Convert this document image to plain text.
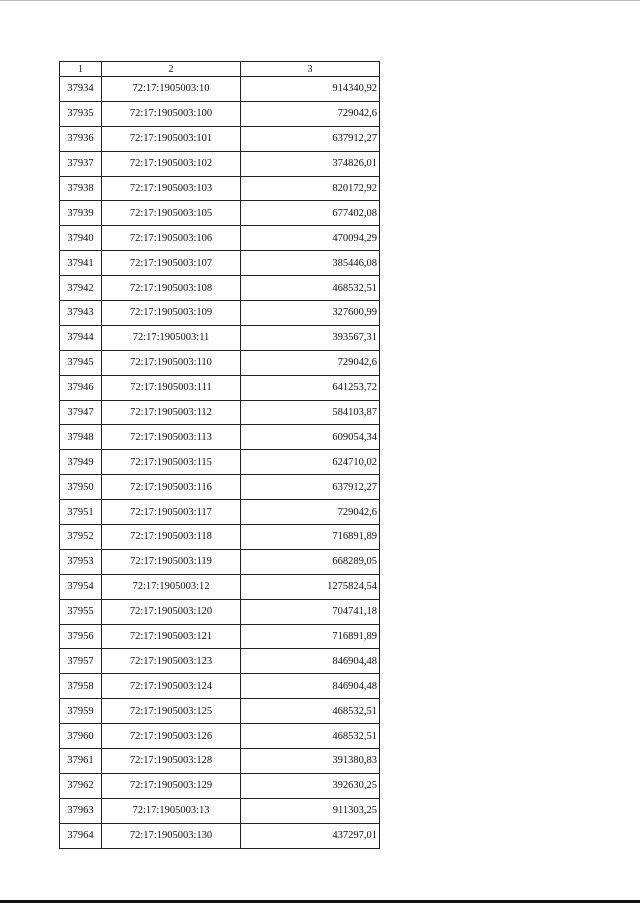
1	2	3
37934	72:17:1905003:10	914340,92
37935	72:17:1905003:100	729042,6
37936	72:17:1905003:101	637912,27
37937	72:17:1905003:102	374826,01
37938	72:17:1905003:103	820172,92
37939	72:17:1905003:105	677402,08
37940	72:17:1905003:106	470094,29
37941	72:17:1905003:107	385446,08
37942	72:17:1905003:108	468532,51
37943	72:17:1905003:109	327600,99
37944	72:17:1905003:11	393567,31
37945	72:17:1905003:110	729042,6
37946	72:17:1905003:111	641253,72
37947	72:17:1905003:112	584103,87
37948	72:17:1905003:113	609054,34
37949	72:17:1905003:115	624710,02
37950	72:17:1905003:116	637912,27
37951	72:17:1905003:117	729042,6
37952	72:17:1905003:118	716891,89
37953	72:17:1905003:119	668289,05
37954	72:17:1905003:12	1275824,54
37955	72:17:1905003:120	704741,18
37956	72:17:1905003:121	716891,89
37957	72:17:1905003:123	846904,48
37958	72:17:1905003:124	846904,48
37959	72:17:1905003:125	468532,51
37960	72:17:1905003:126	468532,51
37961	72:17:1905003:128	391380,83
37962	72:17:1905003:129	392630,25
37963	72:17:1905003:13	911303,25
37964	72:17:1905003:130	437297,01
